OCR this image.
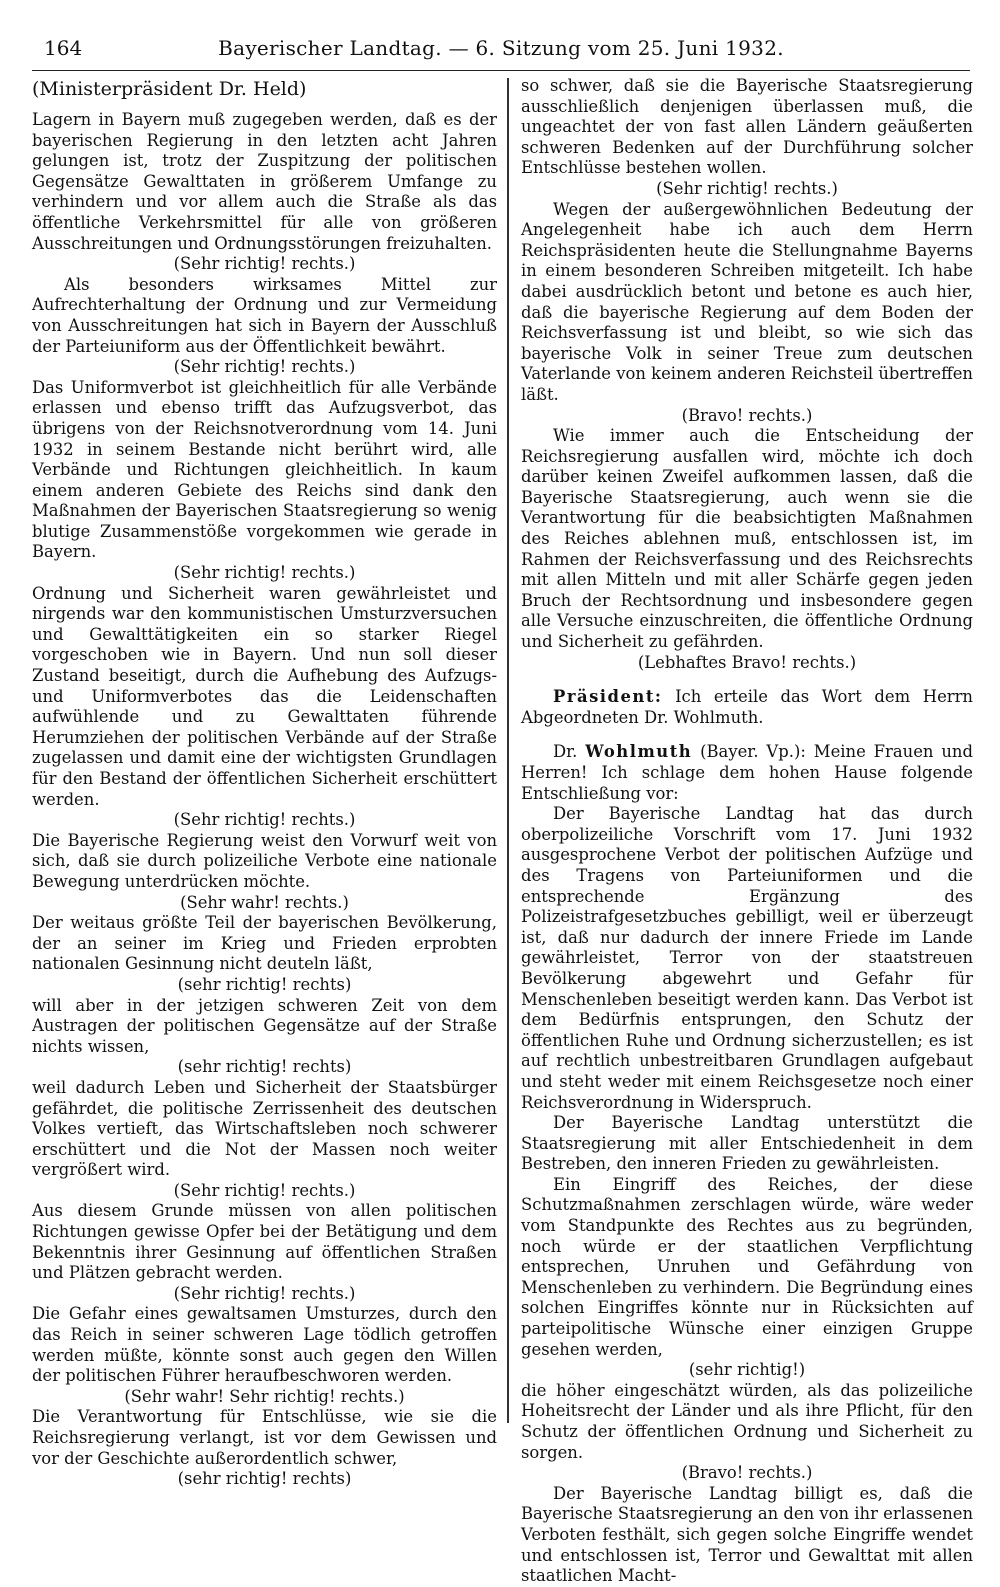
164	Bayerischer Landtag. — 6. Sitzung vom 25. Juni 1932.

(Ministerpräsident Dr. Held)

Lagern in Bayern muß zugegeben werden, daß es der bayerischen Regierung in den letzten acht Jahren gelungen ist, trotz der Zuspitzung der politischen Gegensätze Gewalttaten in größerem Umfange zu verhindern und vor allem auch die Straße als das öffentliche Verkehrsmittel für alle von größeren Ausschreitungen und Ordnungsstörungen freizuhalten.

(Sehr richtig! rechts.)

Als besonders wirksames Mittel zur Aufrechterhaltung der Ordnung und zur Vermeidung von Ausschreitungen hat sich in Bayern der Ausschluß der Parteiuniform aus der Öffentlichkeit bewährt.

(Sehr richtig! rechts.)

Das Uniformverbot ist gleichheitlich für alle Verbände erlassen und ebenso trifft das Aufzugsverbot, das übrigens von der Reichsnotverordnung vom 14. Juni 1932 in seinem Bestande nicht berührt wird, alle Verbände und Richtungen gleichheitlich. In kaum einem anderen Gebiete des Reichs sind dank den Maßnahmen der Bayerischen Staatsregierung so wenig blutige Zusammenstöße vorgekommen wie gerade in Bayern.

(Sehr richtig! rechts.)

Ordnung und Sicherheit waren gewährleistet und nirgends war den kommunistischen Umsturzversuchen und Gewalttätigkeiten ein so starker Riegel vorgeschoben wie in Bayern. Und nun soll dieser Zustand beseitigt, durch die Aufhebung des Aufzugs- und Uniformverbotes das die Leidenschaften aufwühlende und zu Gewalttaten führende Herumziehen der politischen Verbände auf der Straße zugelassen und damit eine der wichtigsten Grundlagen für den Bestand der öffentlichen Sicherheit erschüttert werden.

(Sehr richtig! rechts.)

Die Bayerische Regierung weist den Vorwurf weit von sich, daß sie durch polizeiliche Verbote eine nationale Bewegung unterdrücken möchte.

(Sehr wahr! rechts.)

Der weitaus größte Teil der bayerischen Bevölkerung, der an seiner im Krieg und Frieden erprobten nationalen Gesinnung nicht deuteln läßt,

(sehr richtig! rechts)

will aber in der jetzigen schweren Zeit von dem Austragen der politischen Gegensätze auf der Straße nichts wissen,

(sehr richtig! rechts)

weil dadurch Leben und Sicherheit der Staatsbürger gefährdet, die politische Zerrissenheit des deutschen Volkes vertieft, das Wirtschaftsleben noch schwerer erschüttert und die Not der Massen noch weiter vergrößert wird.

(Sehr richtig! rechts.)

Aus diesem Grunde müssen von allen politischen Richtungen gewisse Opfer bei der Betätigung und dem Bekenntnis ihrer Gesinnung auf öffentlichen Straßen und Plätzen gebracht werden.

(Sehr richtig! rechts.)

Die Gefahr eines gewaltsamen Umsturzes, durch den das Reich in seiner schweren Lage tödlich getroffen werden müßte, könnte sonst auch gegen den Willen der politischen Führer heraufbeschworen werden.

(Sehr wahr! Sehr richtig! rechts.)

Die Verantwortung für Entschlüsse, wie sie die Reichsregierung verlangt, ist vor dem Gewissen und vor der Geschichte außerordentlich schwer,

(sehr richtig! rechts)

so schwer, daß sie die Bayerische Staatsregierung ausschließlich denjenigen überlassen muß, die ungeachtet der von fast allen Ländern geäußerten schweren Bedenken auf der Durchführung solcher Entschlüsse bestehen wollen.

(Sehr richtig! rechts.)

Wegen der außergewöhnlichen Bedeutung der Angelegenheit habe ich auch dem Herrn Reichspräsidenten heute die Stellungnahme Bayerns in einem besonderen Schreiben mitgeteilt. Ich habe dabei ausdrücklich betont und betone es auch hier, daß die bayerische Regierung auf dem Boden der Reichsverfassung ist und bleibt, so wie sich das bayerische Volk in seiner Treue zum deutschen Vaterlande von keinem anderen Reichsteil übertreffen läßt.

(Bravo! rechts.)

Wie immer auch die Entscheidung der Reichsregierung ausfallen wird, möchte ich doch darüber keinen Zweifel aufkommen lassen, daß die Bayerische Staatsregierung, auch wenn sie die Verantwortung für die beabsichtigten Maßnahmen des Reiches ablehnen muß, entschlossen ist, im Rahmen der Reichsverfassung und des Reichsrechts mit allen Mitteln und mit aller Schärfe gegen jeden Bruch der Rechtsordnung und insbesondere gegen alle Versuche einzuschreiten, die öffentliche Ordnung und Sicherheit zu gefährden.

(Lebhaftes Bravo! rechts.)

Präsident: Ich erteile das Wort dem Herrn Abgeordneten Dr. Wohlmuth.

Dr. Wohlmuth (Bayer. Vp.): Meine Frauen und Herren! Ich schlage dem hohen Hause folgende Entschließung vor:

Der Bayerische Landtag hat das durch oberpolizeiliche Vorschrift vom 17. Juni 1932 ausgesprochene Verbot der politischen Aufzüge und des Tragens von Parteiuniformen und die entsprechende Ergänzung des Polizeistrafgesetzbuches gebilligt, weil er überzeugt ist, daß nur dadurch der innere Friede im Lande gewährleistet, Terror von der staatstreuen Bevölkerung abgewehrt und Gefahr für Menschenleben beseitigt werden kann. Das Verbot ist dem Bedürfnis entsprungen, den Schutz der öffentlichen Ruhe und Ordnung sicherzustellen; es ist auf rechtlich unbestreitbaren Grundlagen aufgebaut und steht weder mit einem Reichsgesetze noch einer Reichsverordnung in Widerspruch.

Der Bayerische Landtag unterstützt die Staatsregierung mit aller Entschiedenheit in dem Bestreben, den inneren Frieden zu gewährleisten.

Ein Eingriff des Reiches, der diese Schutzmaßnahmen zerschlagen würde, wäre weder vom Standpunkte des Rechtes aus zu begründen, noch würde er der staatlichen Verpflichtung entsprechen, Unruhen und Gefährdung von Menschenleben zu verhindern. Die Begründung eines solchen Eingriffes könnte nur in Rücksichten auf parteipolitische Wünsche einer einzigen Gruppe gesehen werden,

(sehr richtig!)

die höher eingeschätzt würden, als das polizeiliche Hoheitsrecht der Länder und als ihre Pflicht, für den Schutz der öffentlichen Ordnung und Sicherheit zu sorgen.

(Bravo! rechts.)

Der Bayerische Landtag billigt es, daß die Bayerische Staatsregierung an den von ihr erlassenen Verboten festhält, sich gegen solche Eingriffe wendet und entschlossen ist, Terror und Gewalttat mit allen staatlichen Macht-
